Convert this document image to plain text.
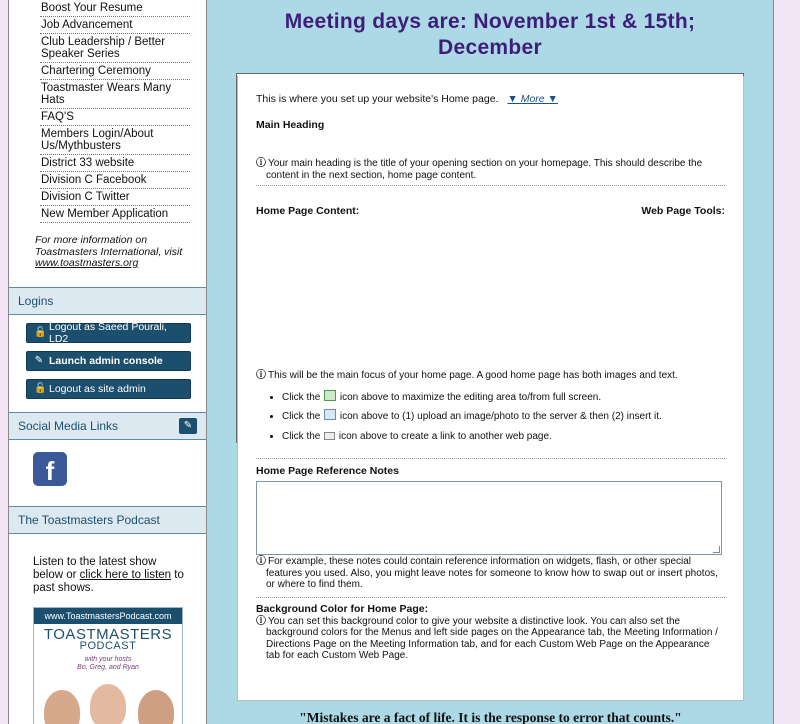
Boost Your Resume
Job Advancement
Club Leadership / Better Speaker Series
Chartering Ceremony
Toastmaster Wears Many Hats
FAQ'S
Members Login/About Us/Mythbusters
District 33 website
Division C Facebook
Division C Twitter
New Member Application
For more information on Toastmasters International, visit www.toastmasters.org
Logins
🔓 Logout as Saeed Pourali, LD2
✎ Launch admin console
🔓 Logout as site admin
Social Media Links	✎
f
The Toastmasters Podcast
Listen to the latest show below or click here to listen to past shows.
www.ToastmastersPodcast.com
TOASTMASTERS
PODCAST
with your hosts
Bo, Greg, and Ryan
Meeting days are: November 1st & 15th;
December
This is where you set up your website's Home page. ▼ More ▼
Main Heading
ⓘ Your main heading is the title of your opening section on your homepage. This should describe the
content in the next section, home page content.
Home Page Content:	Web Page Tools:
ⓘ This will be the main focus of your home page. A good home page has both images and text.
• Click the  icon above to maximize the editing area to/from full screen.
• Click the  icon above to (1) upload an image/photo to the server & then (2) insert it.
• Click the  icon above to create a link to another web page.
Home Page Reference Notes
ⓘ For example, these notes could contain reference information on widgets, flash, or other special
features you used. Also, you might leave notes for someone to know how to swap out or insert photos,
or where to find them.
Background Color for Home Page:
ⓘ You can set this background color to give your website a distinctive look. You can also set the
background colors for the Menus and left side pages on the Appearance tab, the Meeting Information /
Directions Page on the Meeting Information tab, and for each Custom Web Page on the Appearance
tab for each Custom Web Page.
"Mistakes are a fact of life. It is the response to error that counts."
